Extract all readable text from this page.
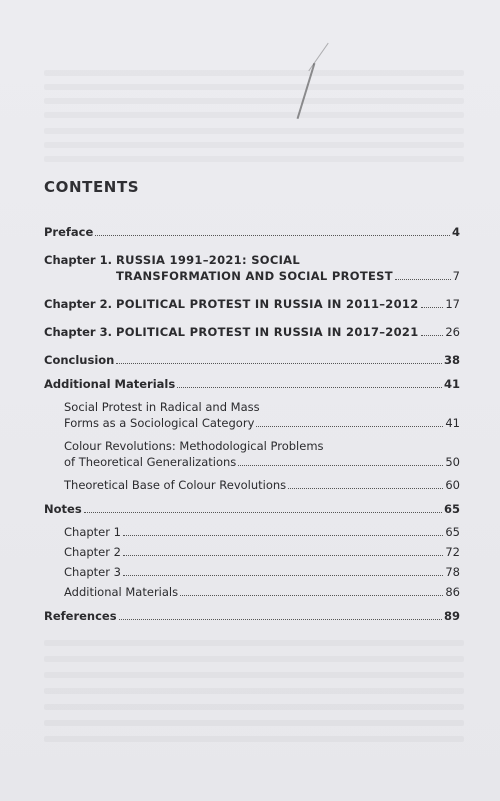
CONTENTS
Preface	4
Chapter 1. RUSSIA 1991–2021: SOCIAL
TRANSFORMATION AND SOCIAL PROTEST	7
Chapter 2. POLITICAL PROTEST IN RUSSIA IN 2011–2012 17
Chapter 3. POLITICAL PROTEST IN RUSSIA IN 2017–2021 26
Conclusion	38
Additional Materials	41
Social Protest in Radical and Mass
Forms as a Sociological Category	41
Colour Revolutions: Methodological Problems
of Theoretical Generalizations	50
Theoretical Base of Colour Revolutions	60
Notes	65
Chapter 1	65
Chapter 2	72
Chapter 3	78
Additional Materials	86
References	89
